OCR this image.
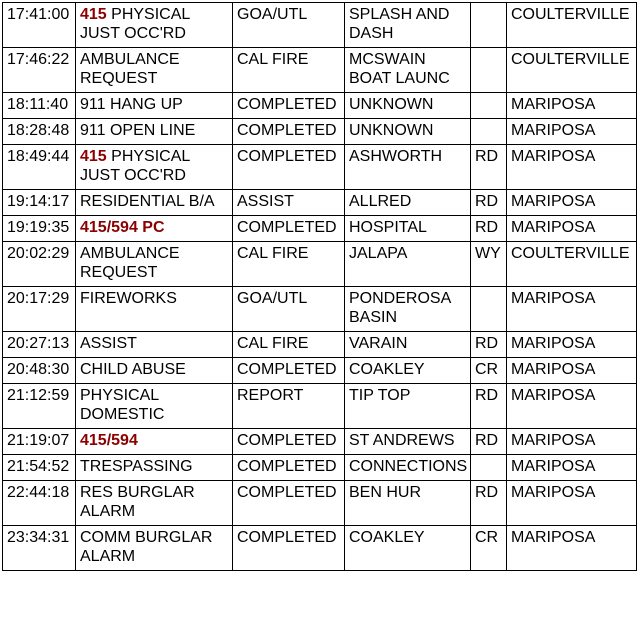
17:41:00	415 PHYSICAL JUST OCC'RD	GOA/UTL	SPLASH AND DASH		COULTERVILLE
17:46:22	AMBULANCE REQUEST	CAL FIRE	MCSWAIN BOAT LAUNC		COULTERVILLE
18:11:40	911 HANG UP	COMPLETED	UNKNOWN		MARIPOSA
18:28:48	911 OPEN LINE	COMPLETED	UNKNOWN		MARIPOSA
18:49:44	415 PHYSICAL JUST OCC'RD	COMPLETED	ASHWORTH	RD	MARIPOSA
19:14:17	RESIDENTIAL B/A	ASSIST	ALLRED	RD	MARIPOSA
19:19:35	415/594 PC	COMPLETED	HOSPITAL	RD	MARIPOSA
20:02:29	AMBULANCE REQUEST	CAL FIRE	JALAPA	WY	COULTERVILLE
20:17:29	FIREWORKS	GOA/UTL	PONDEROSA BASIN		MARIPOSA
20:27:13	ASSIST	CAL FIRE	VARAIN	RD	MARIPOSA
20:48:30	CHILD ABUSE	COMPLETED	COAKLEY	CR	MARIPOSA
21:12:59	PHYSICAL DOMESTIC	REPORT	TIP TOP	RD	MARIPOSA
21:19:07	415/594	COMPLETED	ST ANDREWS	RD	MARIPOSA
21:54:52	TRESPASSING	COMPLETED	CONNECTIONS		MARIPOSA
22:44:18	RES BURGLAR ALARM	COMPLETED	BEN HUR	RD	MARIPOSA
23:34:31	COMM BURGLAR ALARM	COMPLETED	COAKLEY	CR	MARIPOSA
